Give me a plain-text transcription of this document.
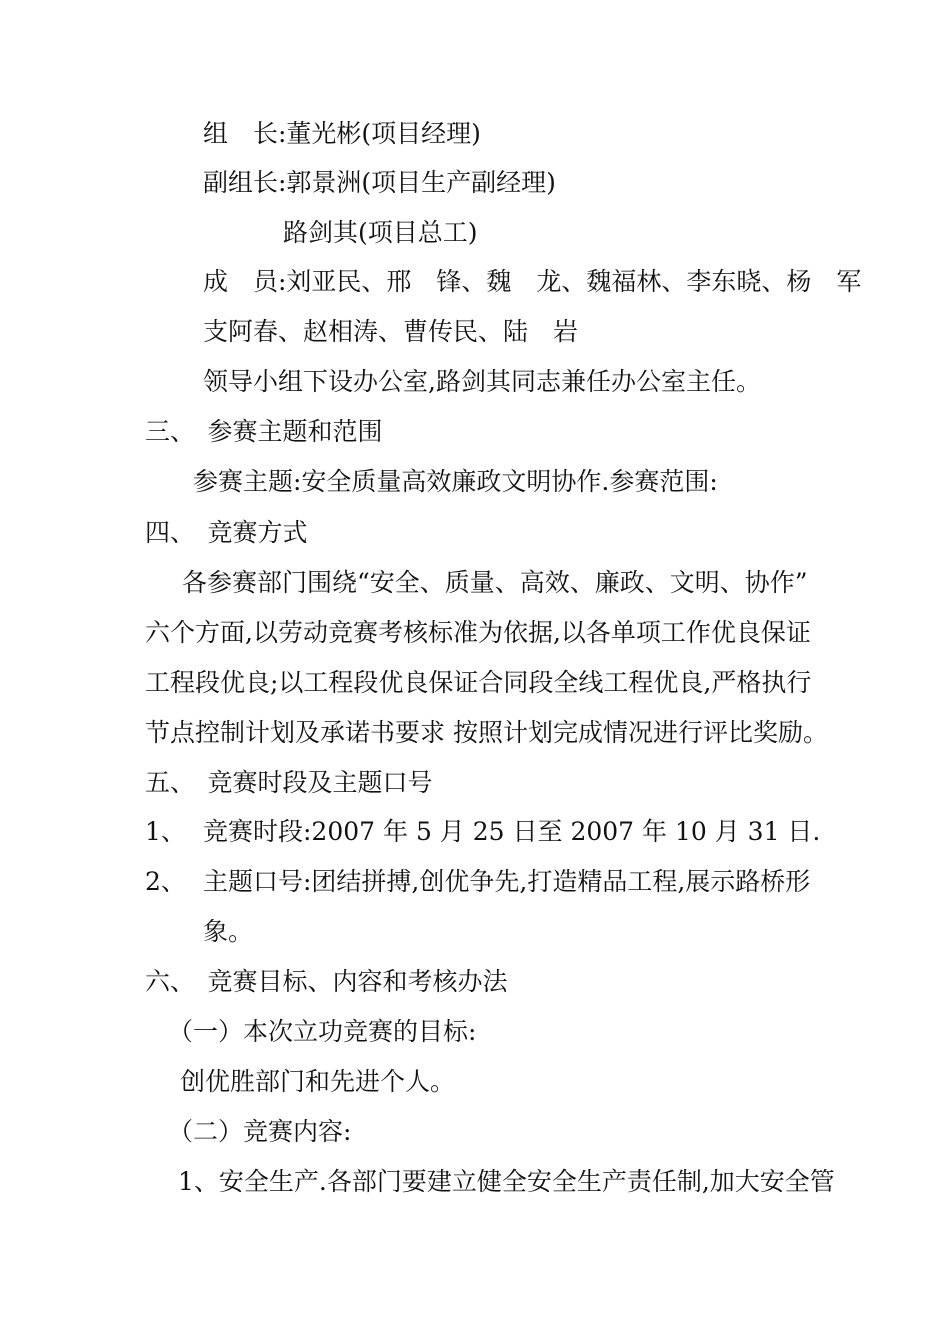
组　长:董光彬(项目经理)
副组长:郭景洲(项目生产副经理)
路剑其(项目总工)
成　员:刘亚民、邢　锋、魏　龙、魏福林、李东晓、杨　军
支阿春、赵相涛、曹传民、陆　岩
领导小组下设办公室,路剑其同志兼任办公室主任。
三、　参赛主题和范围
参赛主题:安全质量高效廉政文明协作.参赛范围:
四、　竞赛方式
各参赛部门围绕“安全、质量、高效、廉政、文明、协作”
六个方面,以劳动竞赛考核标准为依据,以各单项工作优良保证
工程段优良;以工程段优良保证合同段全线工程优良,严格执行
节点控制计划及承诺书要求 按照计划完成情况进行评比奖励。
五、　竞赛时段及主题口号
1、 竞赛时段:2007 年 5 月 25 日至 2007 年 10 月 31 日.
2、 主题口号:团结拼搏,创优争先,打造精品工程,展示路桥形
象。
六、　竞赛目标、内容和考核办法
（一）本次立功竞赛的目标:
创优胜部门和先进个人。
（二）竞赛内容:
1、安全生产.各部门要建立健全安全生产责任制,加大安全管
